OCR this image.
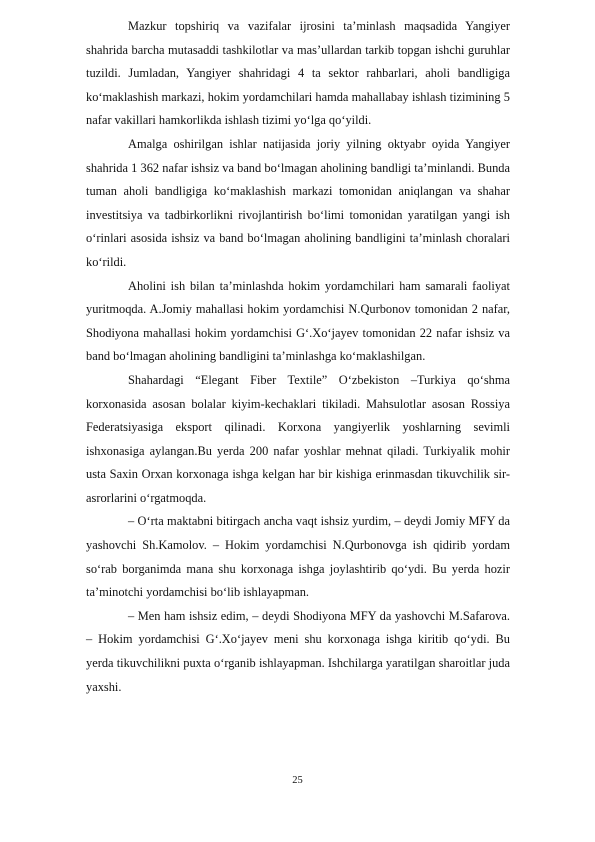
Mazkur topshiriq va vazifalar ijrosini ta’minlash maqsadida Yangiyer shahrida barcha mutasaddi tashkilotlar va mas’ullardan tarkib topgan ishchi guruhlar tuzildi. Jumladan, Yangiyer shahridagi 4 ta sektor rahbarlari, aholi bandligiga ko‘maklashish markazi, hokim yordamchilari hamda mahallabay ishlash tizimining 5 nafar vakillari hamkorlikda ishlash tizimi yo‘lga qo‘yildi.

Amalga oshirilgan ishlar natijasida joriy yilning oktyabr oyida Yangiyer shahrida 1 362 nafar ishsiz va band bo‘lmagan aholining bandligi ta’minlandi. Bunda tuman aholi bandligiga ko‘maklashish markazi tomonidan aniqlangan va shahar investitsiya va tadbirkorlikni rivojlantirish bo‘limi tomonidan yaratilgan yangi ish o‘rinlari asosida ishsiz va band bo‘lmagan aholining bandligini ta’minlash choralari ko‘rildi.

Aholini ish bilan ta’minlashda hokim yordamchilari ham samarali faoliyat yuritmoqda. A.Jomiy mahallasi hokim yordamchisi N.Qurbonov tomonidan 2 nafar, Shodiyona mahallasi hokim yordamchisi G‘.Xo‘jayev tomonidan 22 nafar ishsiz va band bo‘lmagan aholining bandligini ta’minlashga ko‘maklashilgan.

Shahardagi “Elegant Fiber Textile” O‘zbekiston –Turkiya qo‘shma korxonasida asosan bolalar kiyim-kechaklari tikiladi. Mahsulotlar asosan Rossiya Federatsiyasiga eksport qilinadi. Korxona yangiyerlik yoshlarning sevimli ishxonasiga aylangan.Bu yerda 200 nafar yoshlar mehnat qiladi. Turkiyalik mohir usta Saxin Orxan korxonaga ishga kelgan har bir kishiga erinmasdan tikuvchilik sir-asrorlarini o‘rgatmoqda.

– O‘rta maktabni bitirgach ancha vaqt ishsiz yurdim, – deydi Jomiy MFY da yashovchi Sh.Kamolov. – Hokim yordamchisi N.Qurbonovga ish qidirib yordam so‘rab borganimda mana shu korxonaga ishga joylashtirib qo‘ydi. Bu yerda hozir ta’minotchi yordamchisi bo‘lib ishlayapman.

– Men ham ishsiz edim, – deydi Shodiyona MFY da yashovchi M.Safarova. – Hokim yordamchisi G‘.Xo‘jayev meni shu korxonaga ishga kiritib qo‘ydi. Bu yerda tikuvchilikni puxta o‘rganib ishlayapman. Ishchilarga yaratilgan sharoitlar juda yaxshi.

25
